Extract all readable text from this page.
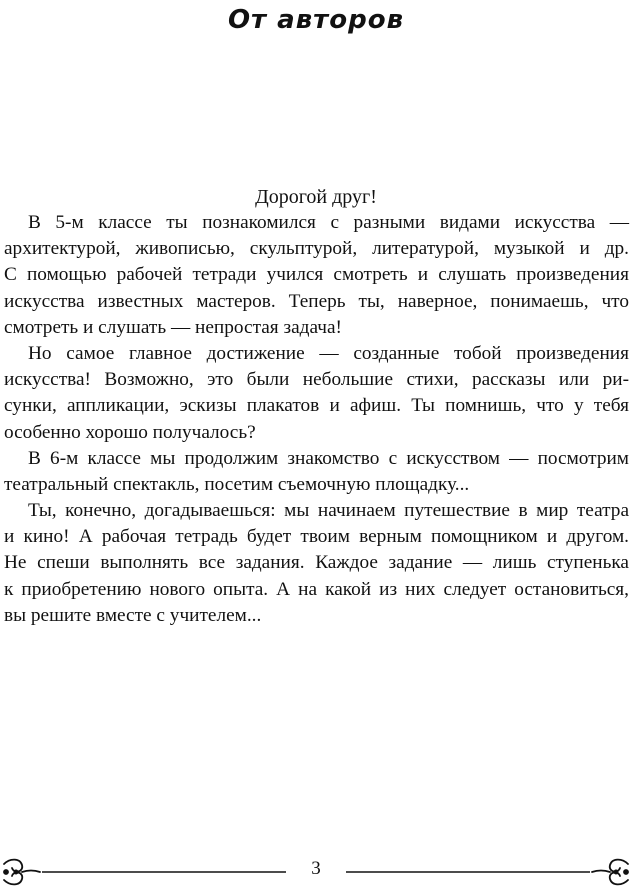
От авторов
Дорогой друг!
В 5-м классе ты познакомился с разными видами искусства —
архитектурой, живописью, скульптурой, литературой, музыкой и др.
С помощью рабочей тетради учился смотреть и слушать произведения
искусства известных мастеров. Теперь ты, наверное, понимаешь, что
смотреть и слушать — непростая задача!
Но самое главное достижение — созданные тобой произведения
искусства! Возможно, это были небольшие стихи, рассказы или ри-
сунки, аппликации, эскизы плакатов и афиш. Ты помнишь, что у тебя
особенно хорошо получалось?
В 6-м классе мы продолжим знакомство с искусством — посмотрим
театральный спектакль, посетим съемочную площадку...
Ты, конечно, догадываешься: мы начинаем путешествие в мир театра
и кино! А рабочая тетрадь будет твоим верным помощником и другом.
Не спеши выполнять все задания. Каждое задание — лишь ступенька
к приобретению нового опыта. А на какой из них следует остановиться,
вы решите вместе с учителем...
3
